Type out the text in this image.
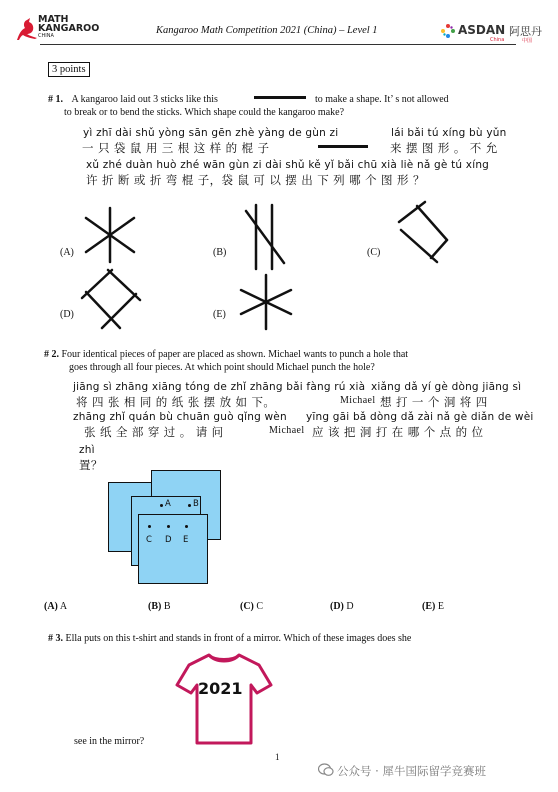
MATH
KANGAROO
CHINA	Kangaroo Math Competition 2021 (China) – Level 1	ASDAN
China
阿思丹
中国
3 points
# 1. A kangaroo laid out 3 sticks like this	to make a shape. It’ s not allowed
to break or to bend the sticks. Which shape could the kangaroo make?
yì zhī dài shǔ yòng sān gēn zhè yàng de gùn zi	lái bǎi tú xíng bù yǔn
一 只 袋 鼠 用 三 根 这 样 的 棍 子	来 摆 图 形 。 不 允
xǔ zhé duàn huò zhé wān gùn zi dài shǔ kě yǐ bǎi chū xià liè nǎ gè tú xíng
许 折 断 或 折 弯 棍 子，袋 鼠 可 以 摆 出 下 列 哪 个 图 形 ？
(A)	(B)	(C)
(D)	(E)
# 2. Four identical pieces of paper are placed as shown. Michael wants to punch a hole that
goes through all four pieces. At which point should Michael punch the hole?
jiāng sì zhāng xiāng tóng de zhǐ zhāng bǎi fàng rú xià xiǎng dǎ yí gè dòng jiāng sì
将 四 张 相 同 的 纸 张 摆 放 如 下。	Michael 想 打 一 个 洞 将 四
zhāng zhǐ quán bù chuān guò qǐng wèn yīng gāi bǎ dòng dǎ zài nǎ gè diǎn de wèi
张 纸 全 部 穿 过 。 请 问	Michael 应 该 把 洞 打 在 哪 个 点 的 位
zhì
置？
A	B
C D E
(A) A	(B) B	(C) C	(D) D	(E) E
# 3. Ella puts on this t-shirt and stands in front of a mirror. Which of these images does she
2021
see in the mirror?
1
公众号 · 犀牛国际留学竞赛班
